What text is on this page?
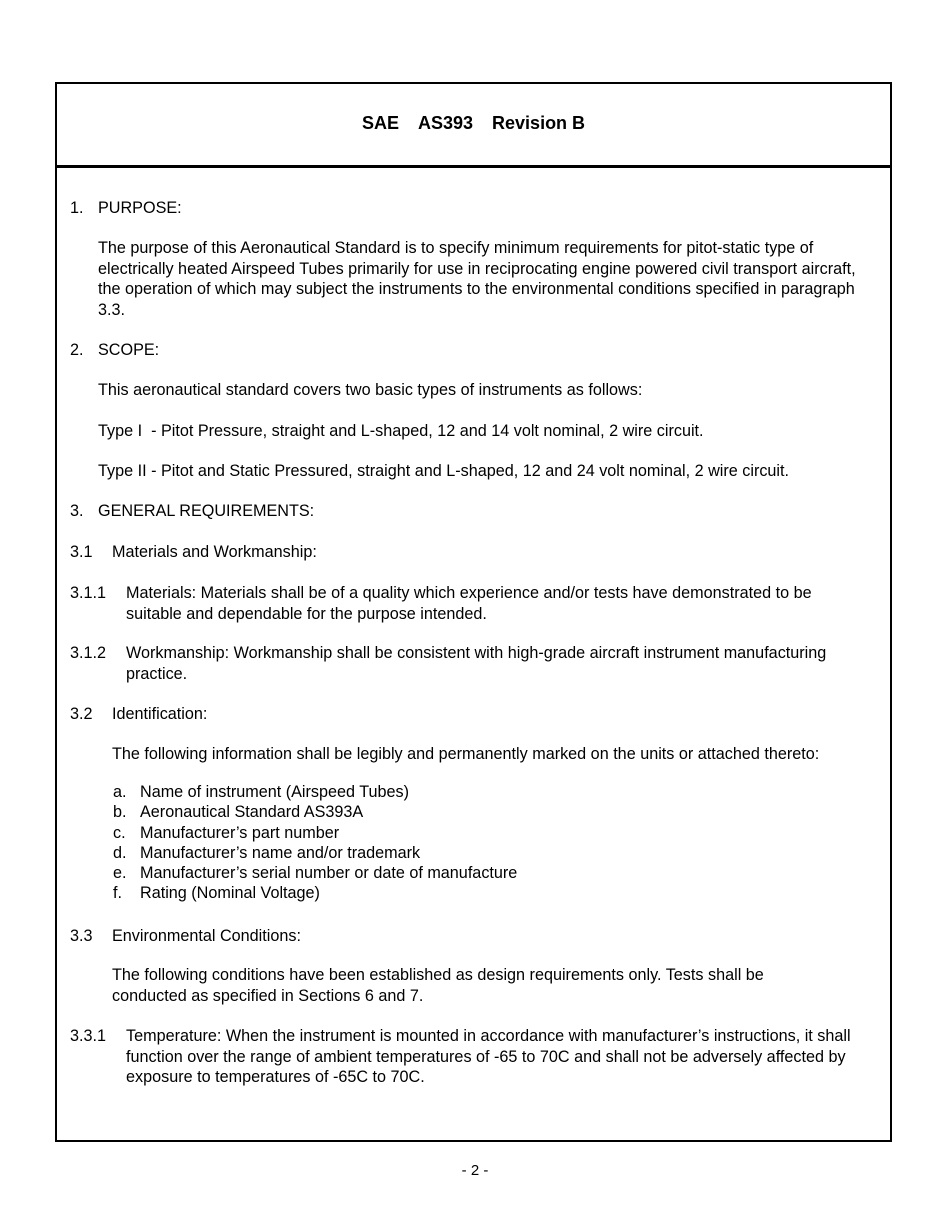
SAE AS393 Revision B
1. PURPOSE:
The purpose of this Aeronautical Standard is to specify minimum requirements for pitot-static type of electrically heated Airspeed Tubes primarily for use in reciprocating engine powered civil transport aircraft, the operation of which may subject the instruments to the environmental conditions specified in paragraph 3.3.
2. SCOPE:
This aeronautical standard covers two basic types of instruments as follows:
Type I  - Pitot Pressure, straight and L-shaped, 12 and 14 volt nominal, 2 wire circuit.
Type II - Pitot and Static Pressured, straight and L-shaped, 12 and 24 volt nominal, 2 wire circuit.
3. GENERAL REQUIREMENTS:
3.1 Materials and Workmanship:
3.1.1 Materials: Materials shall be of a quality which experience and/or tests have demonstrated to be suitable and dependable for the purpose intended.
3.1.2 Workmanship: Workmanship shall be consistent with high-grade aircraft instrument manufacturing practice.
3.2 Identification:
The following information shall be legibly and permanently marked on the units or attached thereto:
a. Name of instrument (Airspeed Tubes)
b. Aeronautical Standard AS393A
c. Manufacturer’s part number
d. Manufacturer’s name and/or trademark
e. Manufacturer’s serial number or date of manufacture
f. Rating (Nominal Voltage)
3.3 Environmental Conditions:
The following conditions have been established as design requirements only. Tests shall be conducted as specified in Sections 6 and 7.
3.3.1 Temperature: When the instrument is mounted in accordance with manufacturer’s instructions, it shall function over the range of ambient temperatures of -65 to 70C and shall not be adversely affected by exposure to temperatures of -65C to 70C.
- 2 -
